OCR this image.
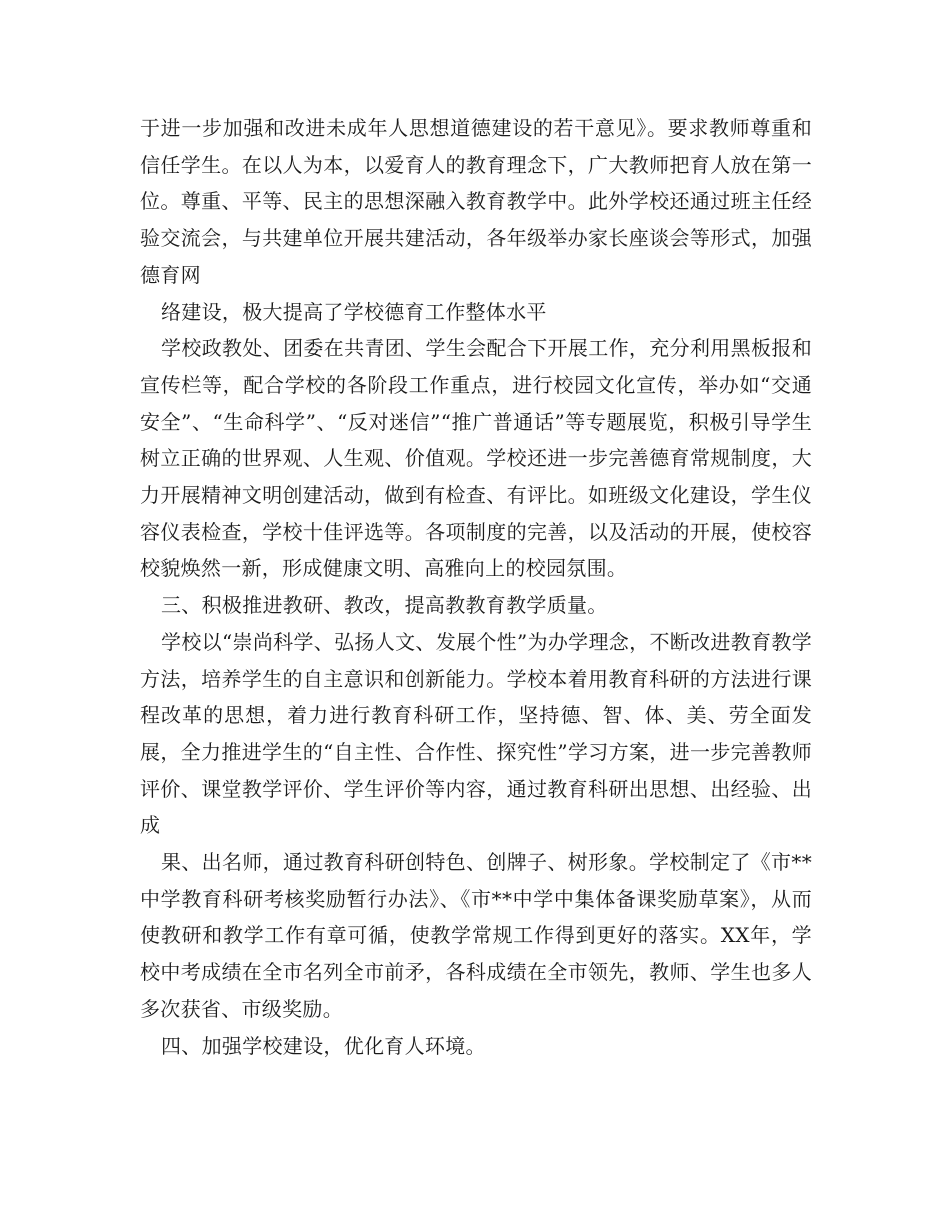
于进一步加强和改进未成年人思想道德建设的若干意见》。要求教师尊重和信任学生。在以人为本，以爱育人的教育理念下，广大教师把育人放在第一位。尊重、平等、民主的思想深融入教育教学中。此外学校还通过班主任经验交流会，与共建单位开展共建活动，各年级举办家长座谈会等形式，加强德育网

络建设，极大提高了学校德育工作整体水平

学校政教处、团委在共青团、学生会配合下开展工作，充分利用黑板报和宣传栏等，配合学校的各阶段工作重点，进行校园文化宣传，举办如“交通安全”、“生命科学”、“反对迷信”“推广普通话”等专题展览，积极引导学生树立正确的世界观、人生观、价值观。学校还进一步完善德育常规制度，大力开展精神文明创建活动，做到有检查、有评比。如班级文化建设，学生仪容仪表检查，学校十佳评选等。各项制度的完善，以及活动的开展，使校容校貌焕然一新，形成健康文明、高雅向上的校园氛围。

三、积极推进教研、教改，提高教教育教学质量。

学校以“崇尚科学、弘扬人文、发展个性”为办学理念，不断改进教育教学方法，培养学生的自主意识和创新能力。学校本着用教育科研的方法进行课程改革的思想，着力进行教育科研工作，坚持德、智、体、美、劳全面发展，全力推进学生的“自主性、合作性、探究性”学习方案，进一步完善教师评价、课堂教学评价、学生评价等内容，通过教育科研出思想、出经验、出成

果、出名师，通过教育科研创特色、创牌子、树形象。学校制定了《市**中学教育科研考核奖励暂行办法》、《市**中学中集体备课奖励草案》，从而使教研和教学工作有章可循，使教学常规工作得到更好的落实。XX年，学校中考成绩在全市名列全市前矛，各科成绩在全市领先，教师、学生也多人多次获省、市级奖励。

四、加强学校建设，优化育人环境。
